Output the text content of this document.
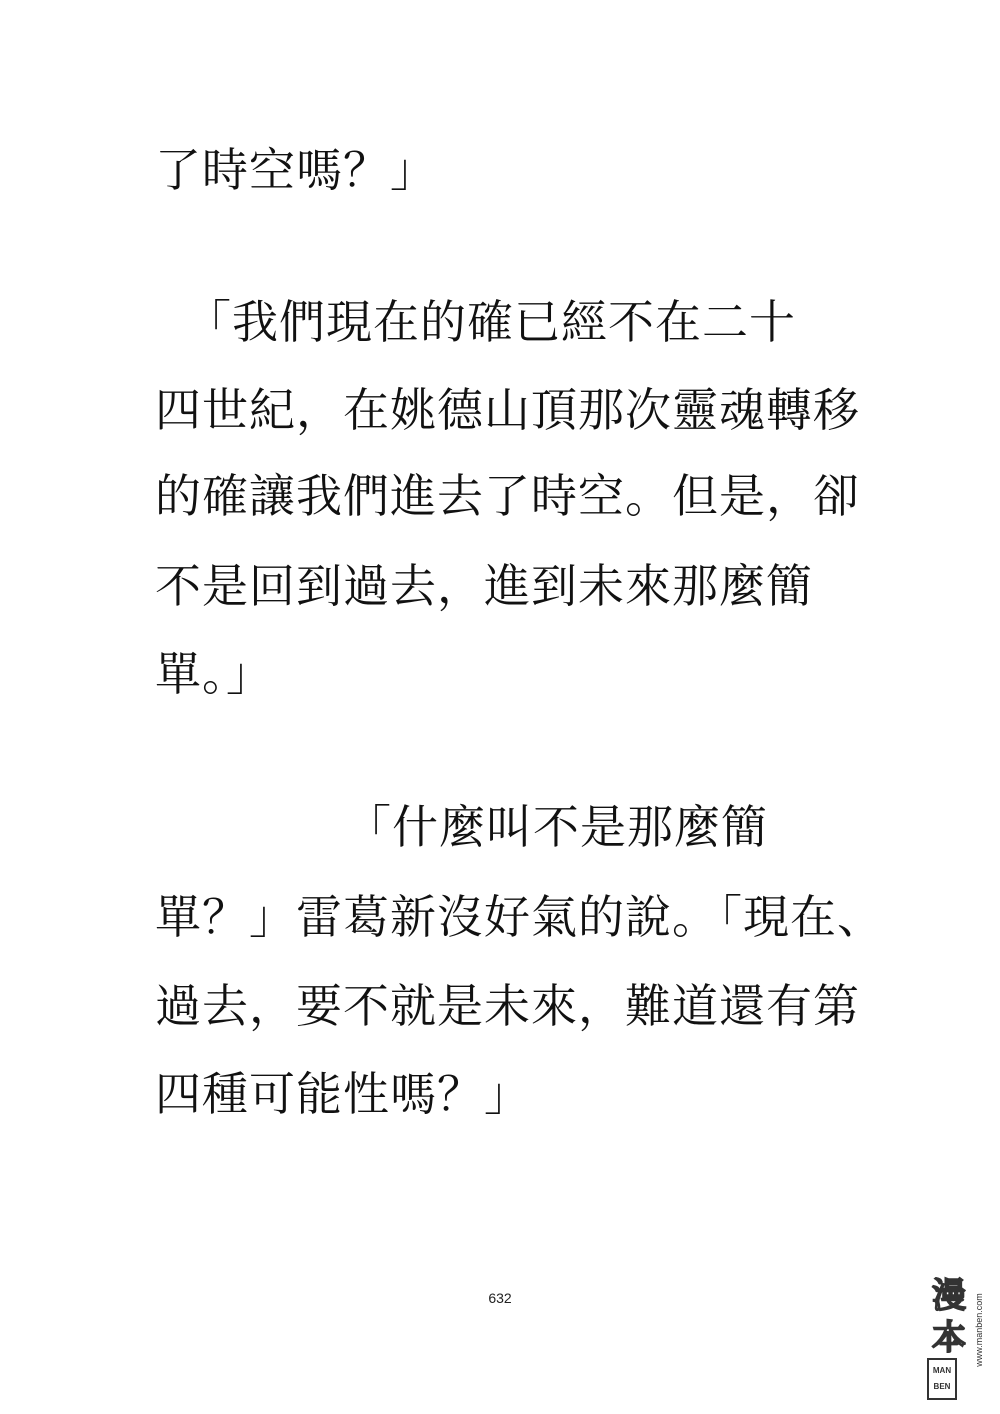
了時空嗎？」
「我們現在的確已經不在二十
四世紀，在姚德山頂那次靈魂轉移
的確讓我們進去了時空。但是，卻
不是回到過去，進到未來那麼簡
單。」
「什麼叫不是那麼簡
單？」雷葛新沒好氣的說。「現在、
過去，要不就是未來，難道還有第
四種可能性嗎？」
632
MAN
BEN
漫
本 www.manben.com
